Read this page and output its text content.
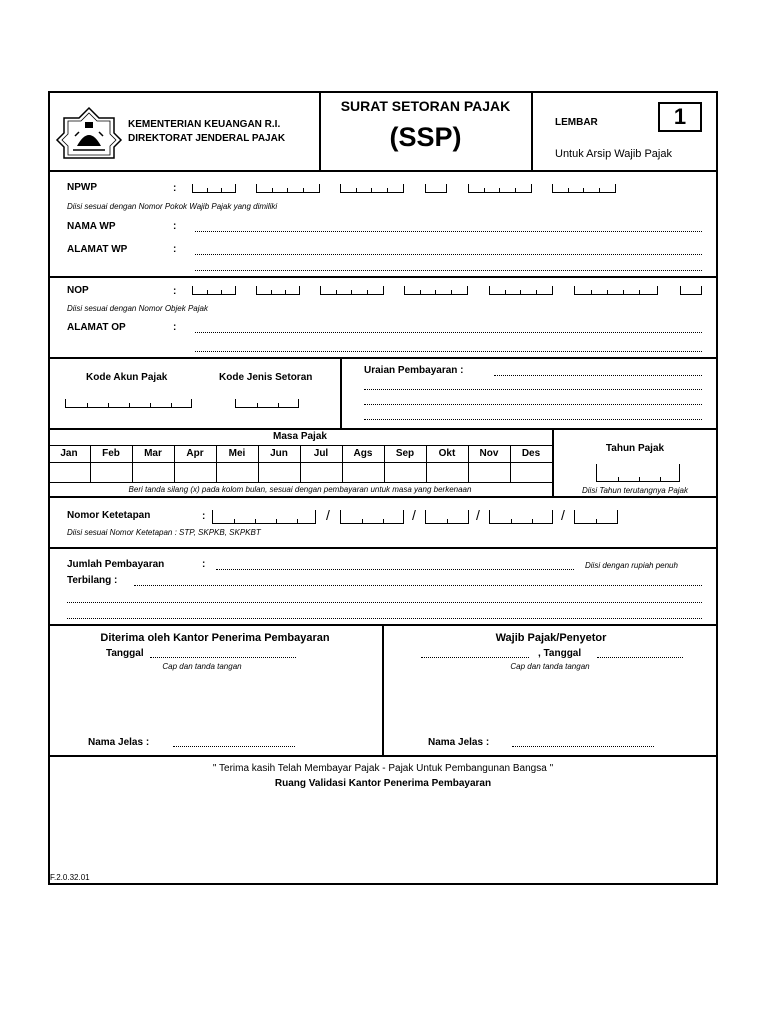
KEMENTERIAN KEUANGAN R.I.
DIREKTORAT JENDERAL PAJAK
SURAT SETORAN PAJAK
(SSP)	LEMBAR	1
Untuk Arsip Wajib Pajak
NPWP	:
Diisi sesuai dengan Nomor Pokok Wajib Pajak yang dimiliki
NAMA WP	:
ALAMAT WP	:
NOP	:
Diisi sesuai dengan Nomor Objek Pajak
ALAMAT OP	:
Kode Akun Pajak	Kode Jenis Setoran
Uraian Pembayaran :
Masa Pajak
Jan	Feb	Mar	Apr	Mei	Jun	Jul	Ags	Sep	Okt	Nov	Des
Beri tanda silang (x) pada kolom bulan, sesuai dengan pembayaran untuk masa yang berkenaan
Tahun Pajak
Diisi Tahun terutangnya Pajak
Nomor Ketetapan	:	/	/	/	/
Diisi sesuai Nomor Ketetapan : STP, SKPKB, SKPKBT
Jumlah Pembayaran	:	Diisi dengan rupiah penuh
Terbilang :
Diterima oleh Kantor Penerima Pembayaran
Tanggal
Cap dan tanda tangan
Nama Jelas :
Wajib Pajak/Penyetor
, Tanggal
Cap dan tanda tangan
Nama Jelas :
" Terima kasih Telah Membayar Pajak - Pajak Untuk Pembangunan Bangsa "
Ruang Validasi Kantor Penerima Pembayaran
F.2.0.32.01
